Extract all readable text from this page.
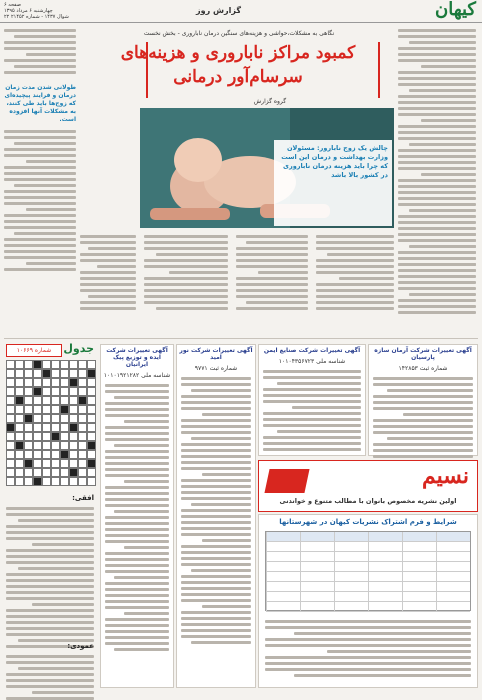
کیهان
گزارش روز
صفحه ۶
چهارشنبه ۶ مرداد ۱۳۹۵
۲۲ شوال ۱۴۳۷ - شماره ۲۱۴۵۲
طولانی شدن مدت زمان درمان و فرایند پیچیده‌ای که زوج‌ها باید طی کنند، به مشکلات آنها افزوده است.
نگاهی به مشکلات،حواشی و هزینه‌های سنگین درمان ناباروری - بخش نخست
کمبود مراکز ناباروری و هزینه‌های
سرسام‌آور درمانی
گروه گزارش
چالش یک زوج نابارور: مسئولان وزارت بهداشت و درمان این است که چرا باید هزینه درمان ناباروری در کشور بالا باشد
جدول
شماره ۱۰۶۶۹
افقی:
عمودی:
آگهی تغییرات شرکت آرمان سازه پارسیان
شماره ثبت ۱۴۲۸۵۳
آگهی تغییرات شرکت صنایع ایمن
شناسه ملی ۱۰۱۰۴۳۵۶۷۲۳
آگهی تغییرات شرکت نور امید
شماره ثبت ۹۷۷۱
آگهی تغییرات شرکت ایده و توزیع پیک ایرانیان
شناسه ملی ۱۰۱۰۱۹۲۱۲۸۲
نسیم
اولین نشریه مخصوص بانوان با مطالب متنوع و خواندنی
شرایط و فرم اشتراک نشریات کیهان در شهرستانها
